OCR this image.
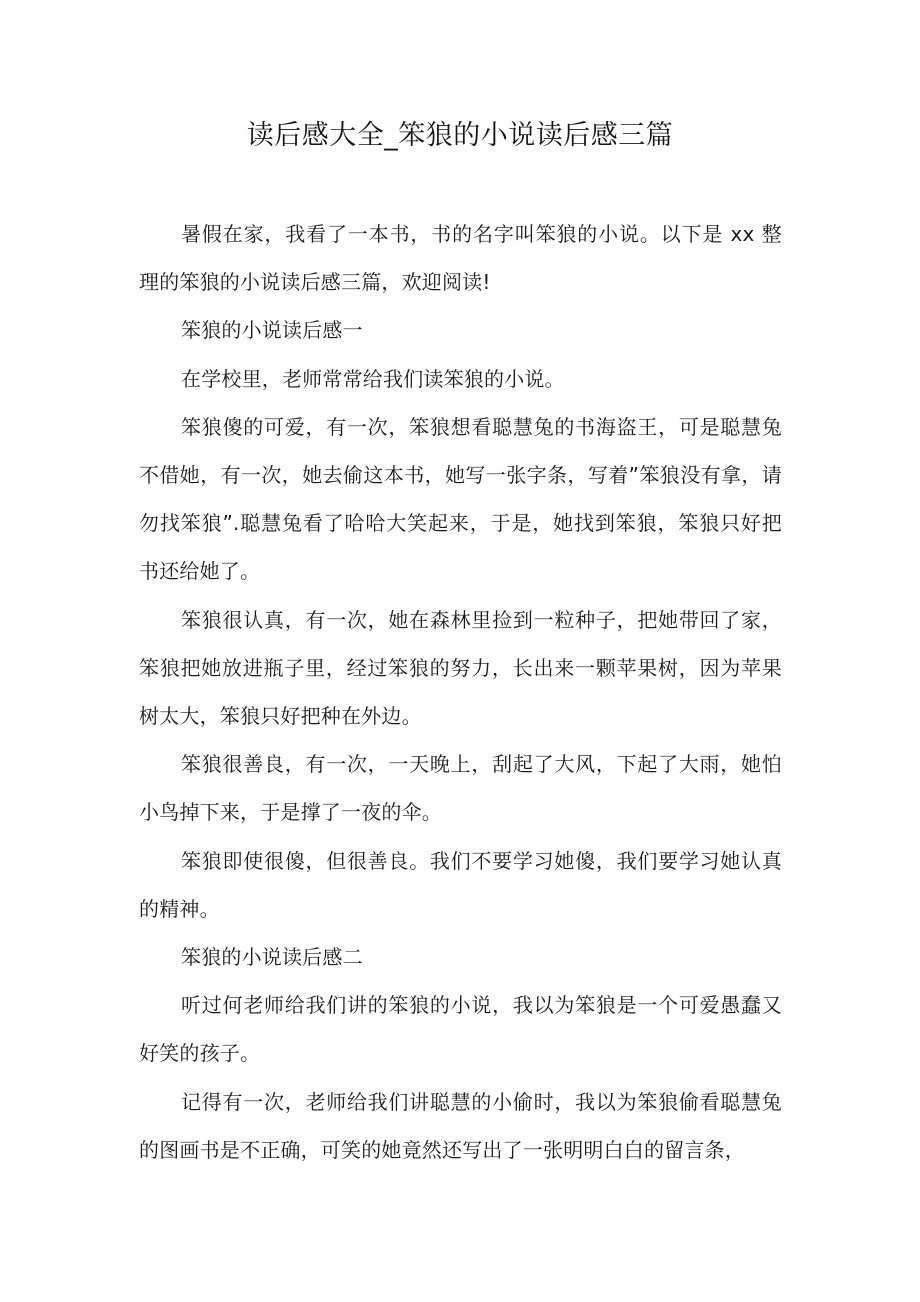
读后感大全_笨狼的小说读后感三篇

暑假在家，我看了一本书，书的名字叫笨狼的小说。以下是 xx 整理的笨狼的小说读后感三篇，欢迎阅读!

笨狼的小说读后感一

在学校里，老师常常给我们读笨狼的小说。

笨狼傻的可爱，有一次，笨狼想看聪慧兔的书海盗王，可是聪慧兔不借她，有一次，她去偷这本书，她写一张字条，写着”笨狼没有拿，请勿找笨狼”.聪慧兔看了哈哈大笑起来，于是，她找到笨狼，笨狼只好把书还给她了。

笨狼很认真，有一次，她在森林里捡到一粒种子，把她带回了家，笨狼把她放进瓶子里，经过笨狼的努力，长出来一颗苹果树，因为苹果树太大，笨狼只好把种在外边。

笨狼很善良，有一次，一天晚上，刮起了大风，下起了大雨，她怕小鸟掉下来，于是撑了一夜的伞。

笨狼即使很傻，但很善良。我们不要学习她傻，我们要学习她认真的精神。

笨狼的小说读后感二

听过何老师给我们讲的笨狼的小说，我以为笨狼是一个可爱愚蠢又好笑的孩子。

记得有一次，老师给我们讲聪慧的小偷时，我以为笨狼偷看聪慧兔的图画书是不正确，可笑的她竟然还写出了一张明明白白的留言条，
